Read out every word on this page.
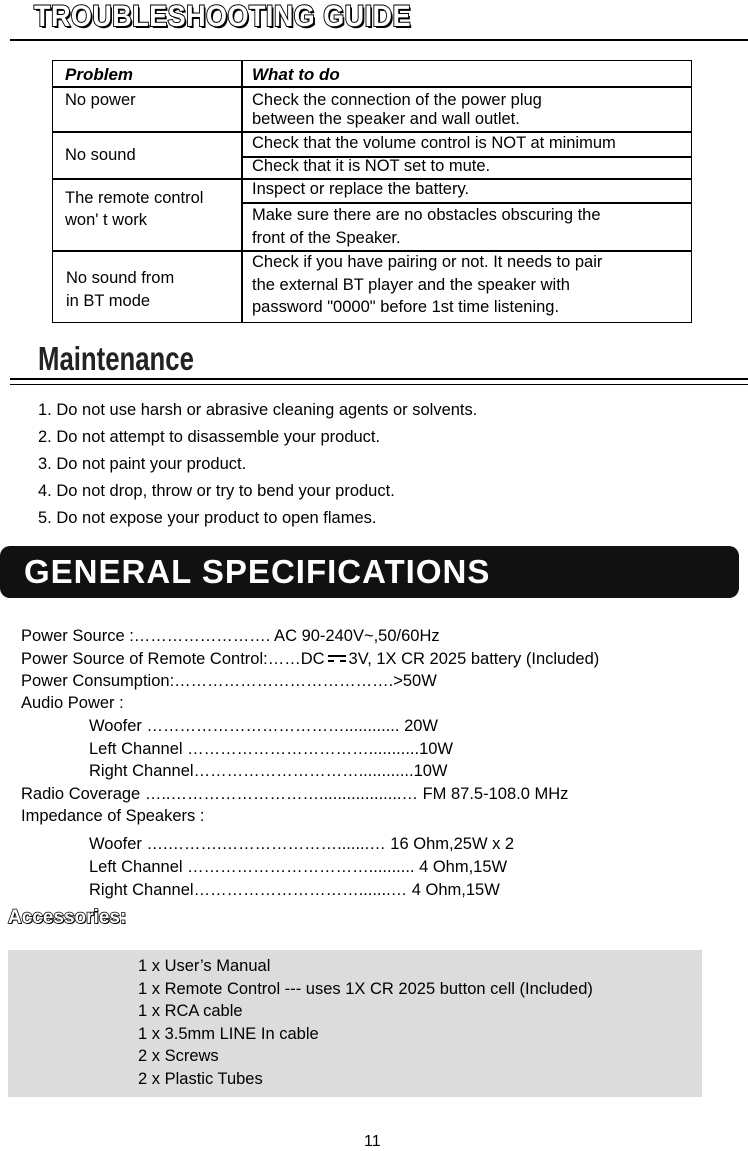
TROUBLESHOOTING GUIDE
Problem	What to do
No power	Check the connection of the power plug
between the speaker and wall outlet.
No sound
Check that the volume control is NOT at minimum
Check that it is NOT set to mute.
The remote control
won' t work
Inspect or replace the battery.
Make sure there are no obstacles obscuring the
front of the Speaker.
No sound from
in BT mode
Check if you have pairing or not. It needs to pair
the external BT player and the speaker with
password "0000" before 1st time listening.
Maintenance
1. Do not use harsh or abrasive cleaning agents or solvents.
2. Do not attempt to disassemble your product.
3. Do not paint your product.
4. Do not drop, throw or try to bend your product.
5. Do not expose your product to open flames.
GENERAL SPECIFICATIONS
Power Source :……………………. AC 90-240V~,50/60Hz
Power Source of Remote Control:……DC 3V, 1X CR 2025 battery (Included)
Power Consumption:………………………………….>50W
Audio Power :
Woofer ………………………………............ 20W
Left Channel ……………………………...........10W
Right Channel…………………………............10W
Radio Coverage …..………………………..................… FM 87.5-108.0 MHz
Impedance of Speakers :
Woofer ….……….………………….......… 16 Ohm,25W x 2
Left Channel …………………………….......... 4 Ohm,15W
Right Channel………………………….......… 4 Ohm,15W
Accessories:
1 x User’s Manual
1 x Remote Control --- uses 1X CR 2025 button cell (Included)
1 x RCA cable
1 x 3.5mm LINE In cable
2 x Screws
2 x Plastic Tubes
11
